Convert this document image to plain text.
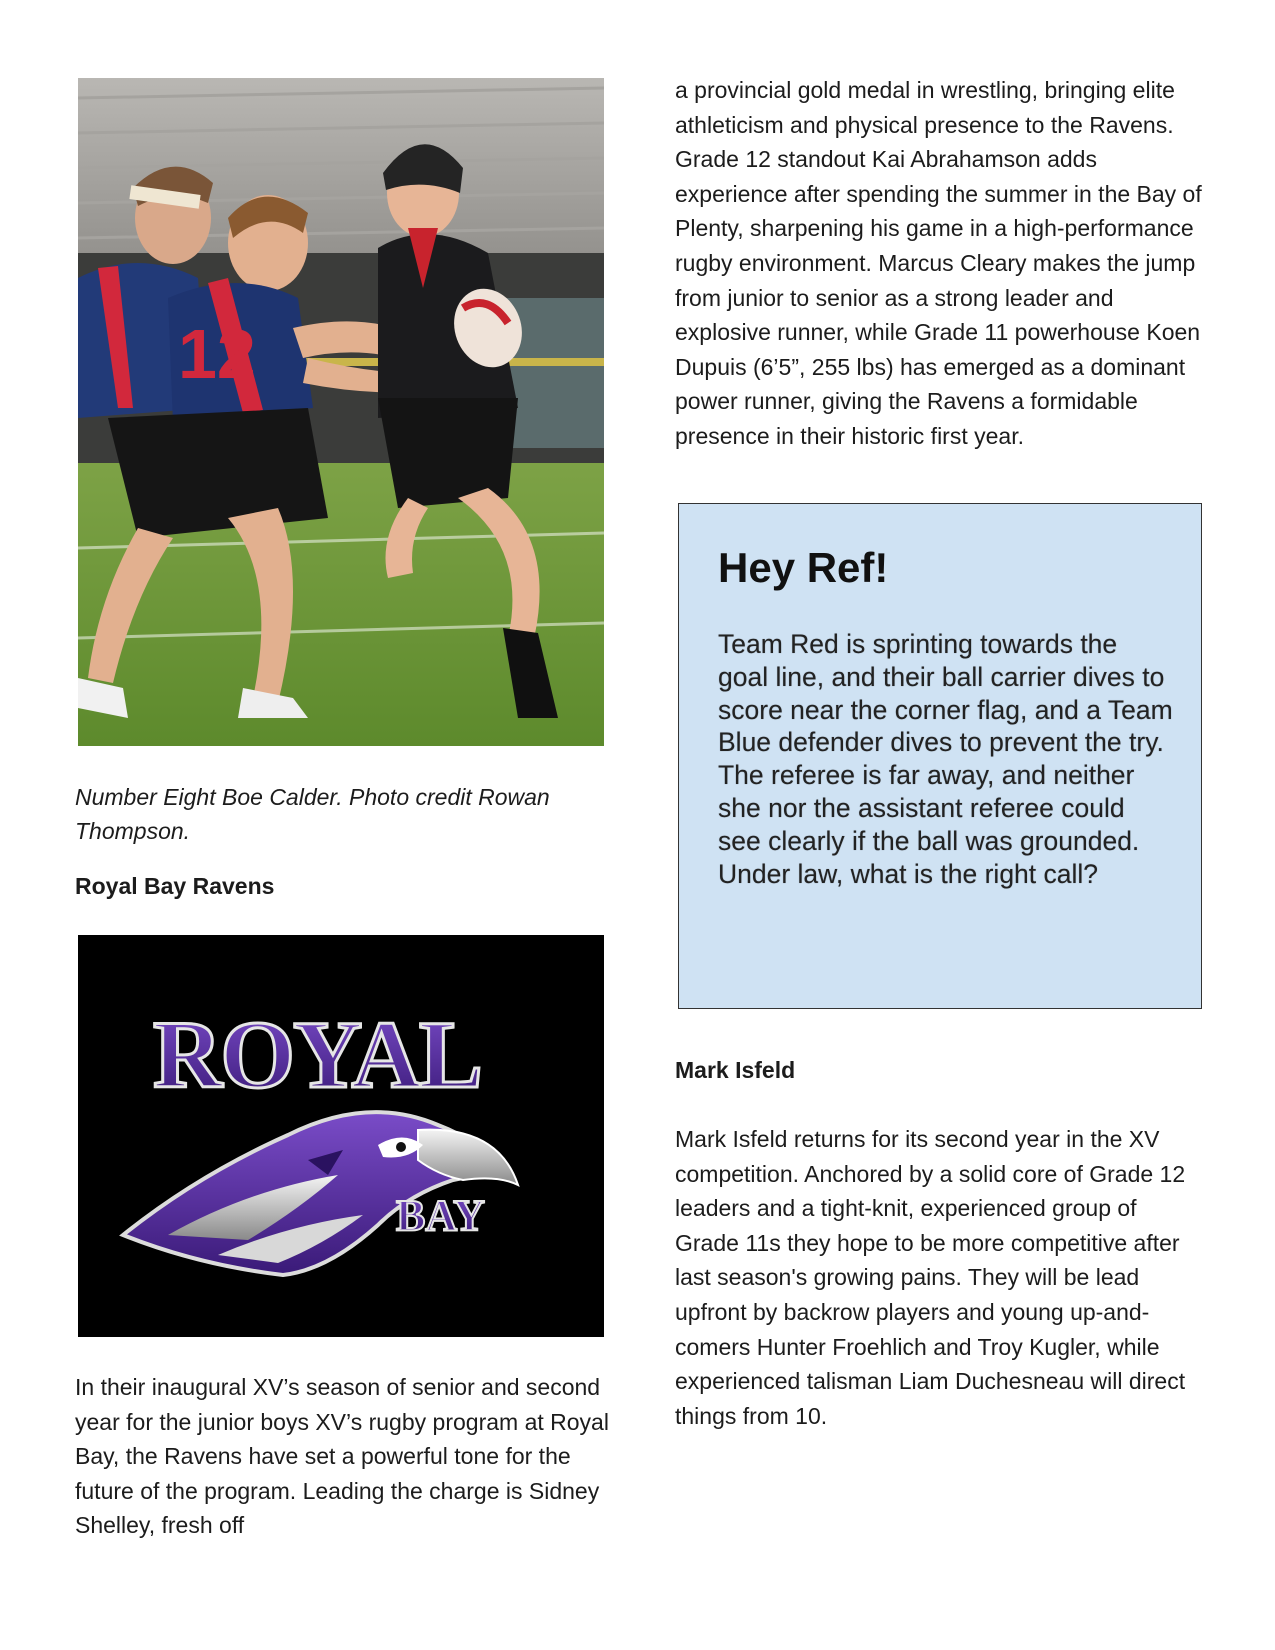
12

Number Eight Boe Calder. Photo credit Rowan Thompson.

Royal Bay Ravens

ROYAL
BAY

In their inaugural XV’s season of senior and second year for the junior boys XV’s rugby program at Royal Bay, the Ravens have set a powerful tone for the future of the program. Leading the charge is Sidney Shelley, fresh off

a provincial gold medal in wrestling, bringing elite athleticism and physical presence to the Ravens. Grade 12 standout Kai Abrahamson adds experience after spending the summer in the Bay of Plenty, sharpening his game in a high-performance rugby environment. Marcus Cleary makes the jump from junior to senior as a strong leader and explosive runner, while Grade 11 powerhouse Koen Dupuis (6’5”, 255 lbs) has emerged as a dominant power runner, giving the Ravens a formidable presence in their historic first year.

Hey Ref!

Team Red is sprinting towards the goal line, and their ball carrier dives to score near the corner flag, and a Team Blue defender dives to prevent the try. The referee is far away, and neither she nor the assistant referee could see clearly if the ball was grounded. Under law, what is the right call?

Mark Isfeld

Mark Isfeld returns for its second year in the XV competition. Anchored by a solid core of Grade 12 leaders and a tight-knit, experienced group of Grade 11s they hope to be more competitive after last season's growing pains. They will be lead upfront by backrow players and young up-and-comers Hunter Froehlich and Troy Kugler, while experienced talisman Liam Duchesneau will direct things from 10.
